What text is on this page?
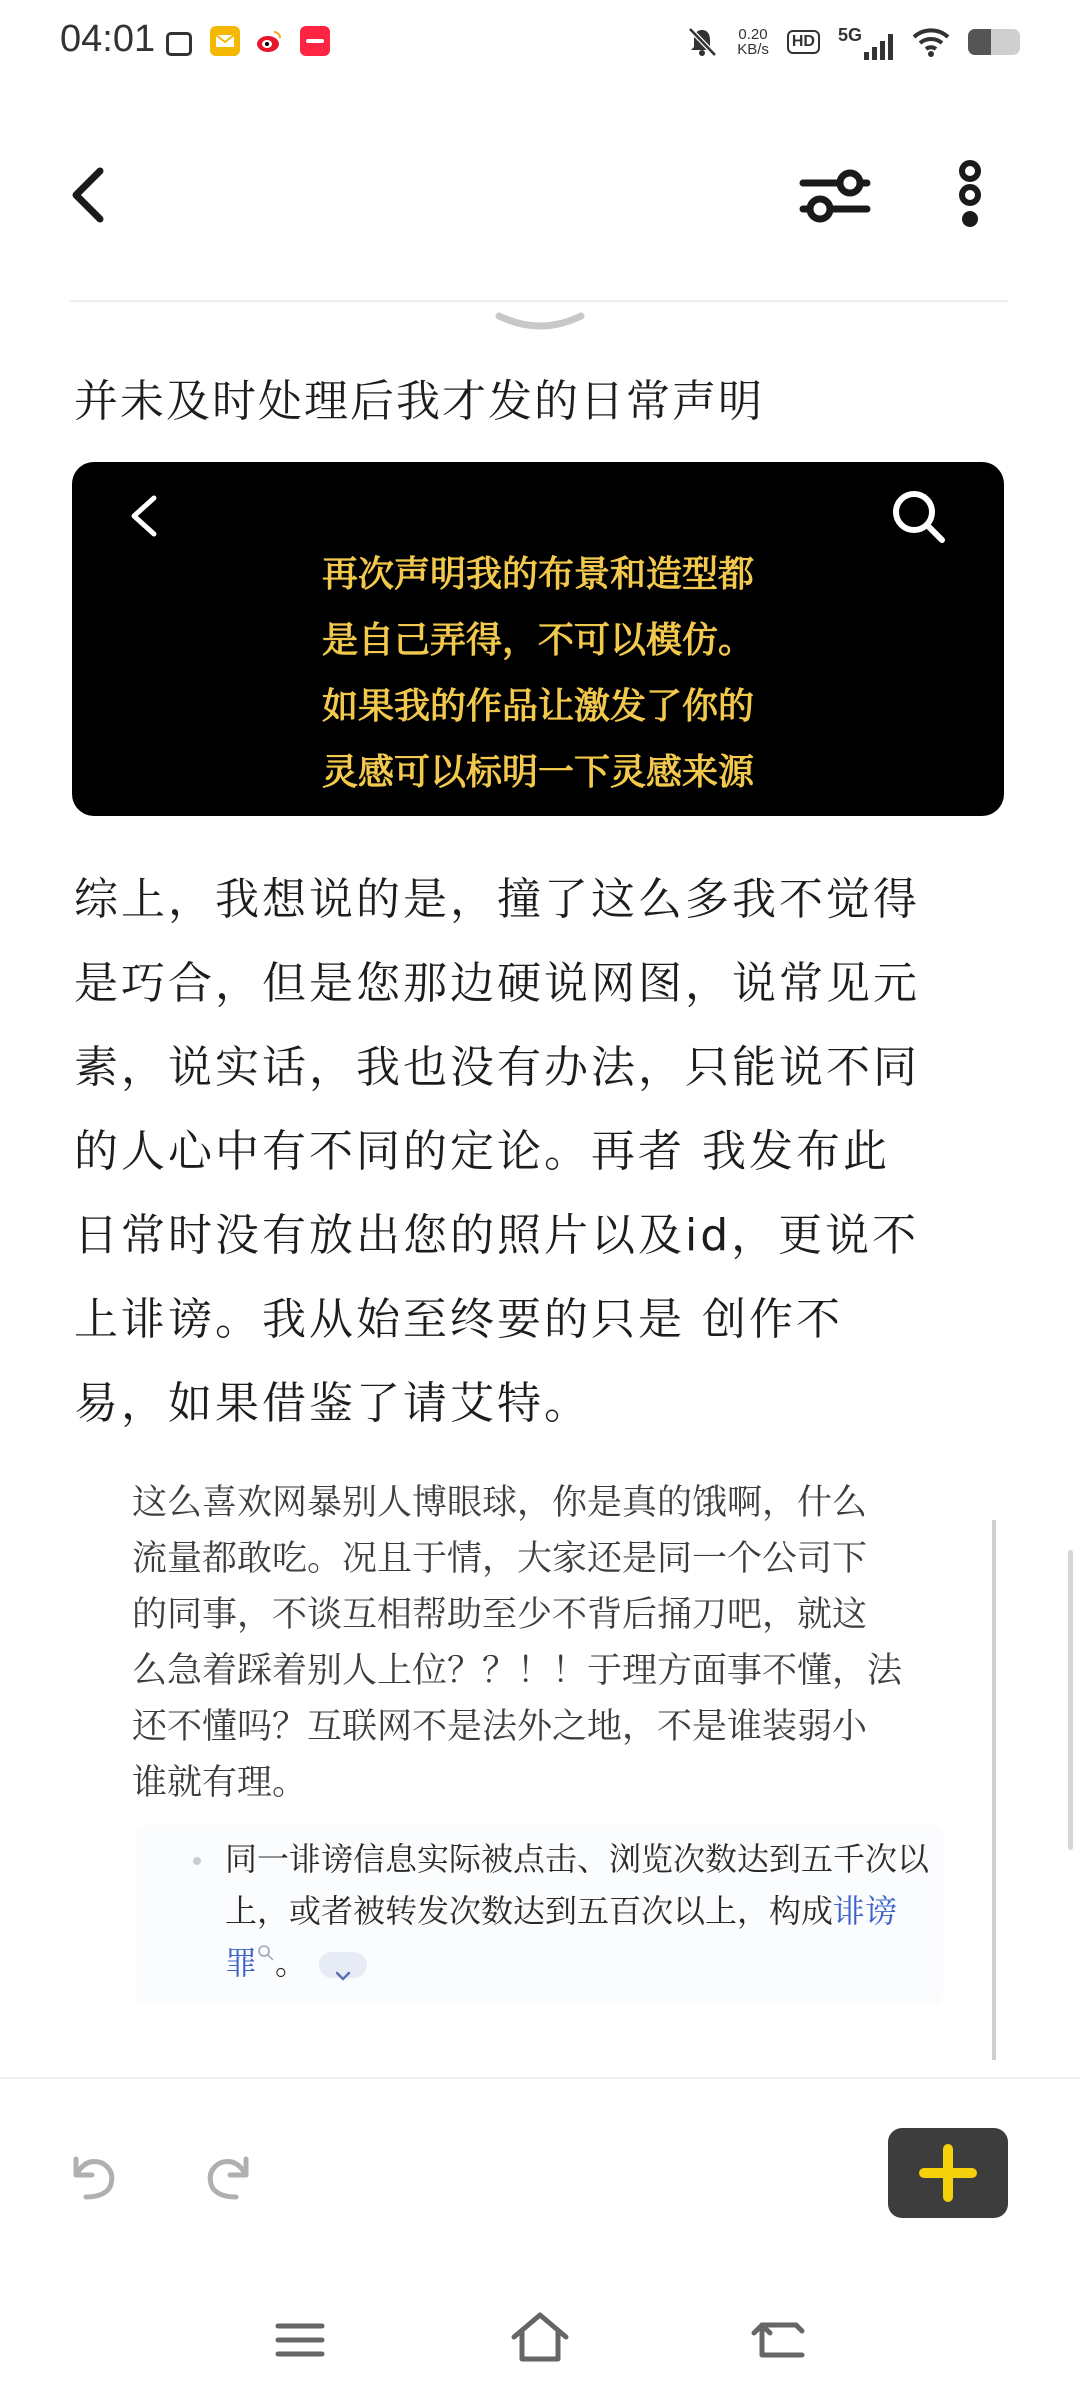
04:01	0.20
KB/s	HD 5G
并未及时处理后我才发的日常声明
再次声明我的布景和造型都
是自己弄得，不可以模仿。
如果我的作品让激发了你的
灵感可以标明一下灵感来源
综上，我想说的是，撞了这么多我不觉得
是巧合，但是您那边硬说网图，说常见元
素，说实话，我也没有办法，只能说不同
的人心中有不同的定论。再者 我发布此
日常时没有放出您的照片以及id，更说不
上诽谤。我从始至终要的只是 创作不
易，如果借鉴了请艾特。
这么喜欢网暴别人博眼球，你是真的饿啊，什么
流量都敢吃。况且于情，大家还是同一个公司下
的同事，不谈互相帮助至少不背后捅刀吧，就这
么急着踩着别人上位？？！！于理方面事不懂，法
还不懂吗？互联网不是法外之地，不是谁装弱小
谁就有理。
同一诽谤信息实际被点击、浏览次数达到五千次以
上，或者被转发次数达到五百次以上，构成诽谤
罪 。
